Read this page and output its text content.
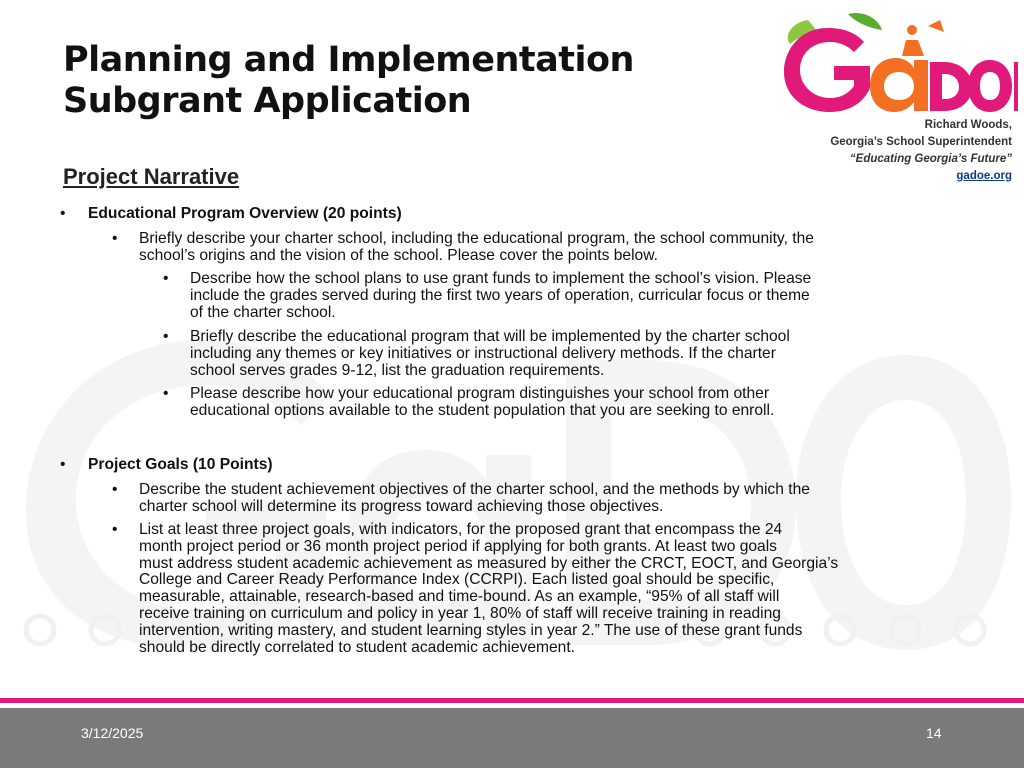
Planning and Implementation
Subgrant Application
Richard Woods,
Georgia’s School Superintendent
“Educating Georgia’s Future”
gadoe.org
Project Narrative
• Educational Program Overview (20 points)
• Briefly describe your charter school, including the educational program, the school community, the
school’s origins and the vision of the school. Please cover the points below.
• Describe how the school plans to use grant funds to implement the school’s vision. Please
include the grades served during the first two years of operation, curricular focus or theme
of the charter school.
• Briefly describe the educational program that will be implemented by the charter school
including any themes or key initiatives or instructional delivery methods. If the charter
school serves grades 9-12, list the graduation requirements.
• Please describe how your educational program distinguishes your school from other
educational options available to the student population that you are seeking to enroll.
• Project Goals (10 Points)
• Describe the student achievement objectives of the charter school, and the methods by which the
charter school will determine its progress toward achieving those objectives.
• List at least three project goals, with indicators, for the proposed grant that encompass the 24
month project period or 36 month project period if applying for both grants. At least two goals
must address student academic achievement as measured by either the CRCT, EOCT, and Georgia’s
College and Career Ready Performance Index (CCRPI). Each listed goal should be specific,
measurable, attainable, research-based and time-bound. As an example, “95% of all staff will
receive training on curriculum and policy in year 1, 80% of staff will receive training in reading
intervention, writing mastery, and student learning styles in year 2.” The use of these grant funds
should be directly correlated to student academic achievement.
3/12/2025	14
